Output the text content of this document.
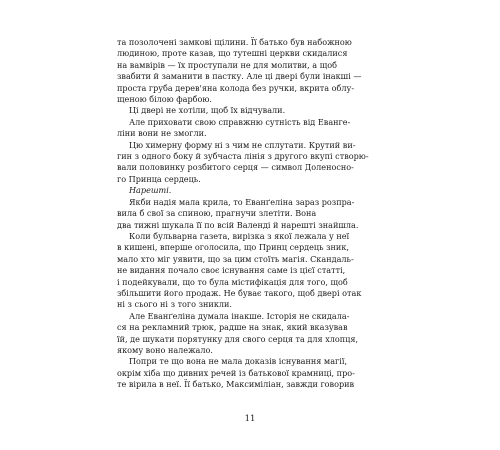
та позолочені замкові щілини. Її батько був набожною
людиною, проте казав, що тутешні церкви скидалися
на вамвірів — їх проступали не для молитви, а щоб
звабити й заманити в пастку. Але ці двері були інакші —
проста груба дерев'яна колода без ручки, вкрита облу-
щеною білою фарбою.

Ці двері не хотіли, щоб їх відчували.

Але приховати свою справжню сутність від Еванге-
ліни вони не змогли.

Цю химерну форму ні з чим не сплутати. Крутий ви-
гин з одного боку й зубчаста лінія з другого вкупі створю-
вали половинку розбитого серця — символ Доленосно-
го Принца сердець.

Нарешті.

Якби надія мала крила, то Еванґеліна зараз розпра-
вила б свої за спиною, прагнучи злетіти. Вона
два тижні шукала її по всій Валенді й нарешті знайшла.

Коли бульварна газета, вирізка з якої лежала у неї
в кишені, вперше оголосила, що Принц сердець зник,
мало хто міг уявити, що за цим стоїть магія. Скандаль-
не видання почало своє існування саме із цієї статті,
і подейкували, що то була містифікація для того, щоб
збільшити його продаж. Не буває такого, щоб двері отак
ні з сього ні з того зникли.

Але Еванґеліна думала інакше. Історія не скидала-
ся на рекламний трюк, радше на знак, який вказував
їй, де шукати порятунку для свого серця та для хлопця,
якому воно належало.

Попри те що вона не мала доказів існування магії,
окрім хіба що дивних речей із батькової крамниці, про-
те вірила в неї. Її батько, Максиміліан, завжди говорив

11
